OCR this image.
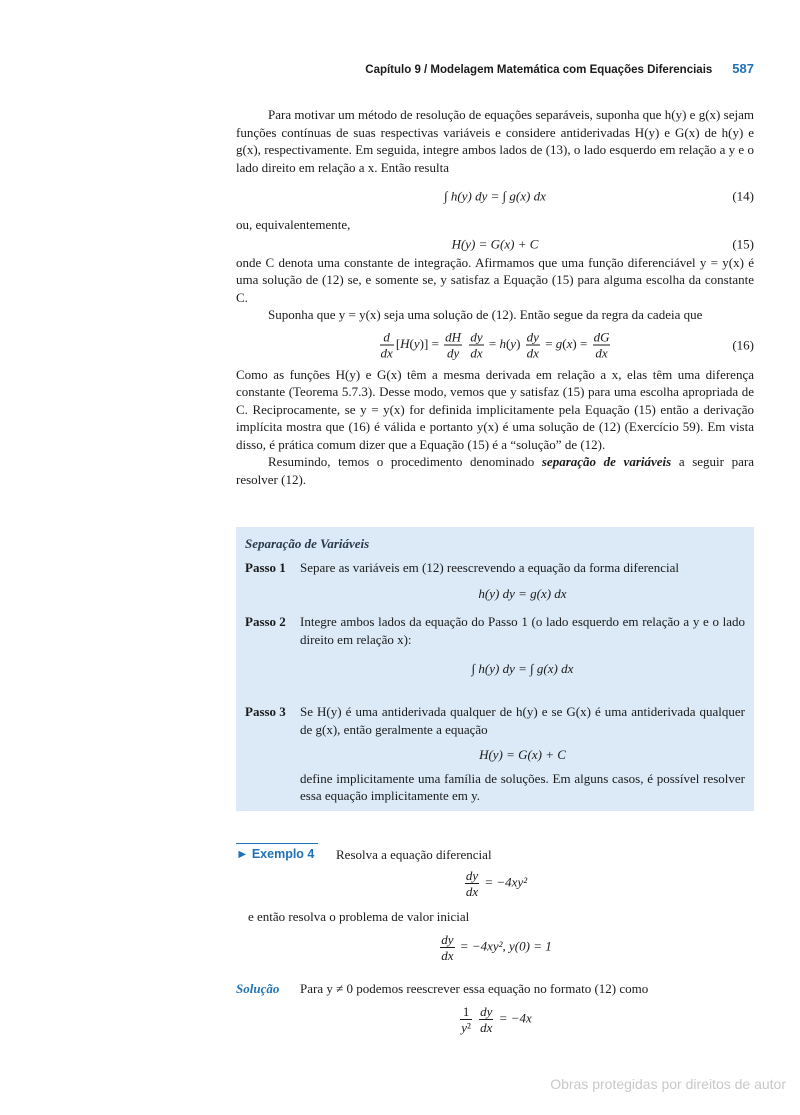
Capítulo 9 / Modelagem Matemática com Equações Diferenciais 587

Para motivar um método de resolução de equações separáveis, suponha que h(y) e g(x) sejam funções contínuas de suas respectivas variáveis e considere antiderivadas H(y) e G(x) de h(y) e g(x), respectivamente. Em seguida, integre ambos lados de (13), o lado esquerdo em relação a y e o lado direito em relação a x. Então resulta

∫ h(y) dy = ∫ g(x) dx	(14)

ou, equivalentemente,

H(y) = G(x) + C	(15)

onde C denota uma constante de integração. Afirmamos que uma função diferenciável y = y(x) é uma solução de (12) se, e somente se, y satisfaz a Equação (15) para alguma escolha da constante C.

Suponha que y = y(x) seja uma solução de (12). Então segue da regra da cadeia que

$\frac{d}{dx} [H(y)] = \frac{dH}{dy}$
$\frac{dy}{dx} = h(y) \frac{dy}{dx} = g(x) = \frac{dG}{dx}$	(16)

Como as funções H(y) e G(x) têm a mesma derivada em relação a x, elas têm uma diferença constante (Teorema 5.7.3). Desse modo, vemos que y satisfaz (15) para uma escolha apropriada de C. Reciprocamente, se y = y(x) for definida implicitamente pela Equação (15) então a derivação implícita mostra que (16) é válida e portanto y(x) é uma solução de (12) (Exercício 59). Em vista disso, é prática comum dizer que a Equação (15) é a “solução” de (12).

Resumindo, temos o procedimento denominado separação de variáveis a seguir para resolver (12).

Separação de Variáveis
Passo 1	Separe as variáveis em (12) reescrevendo a equação da forma diferencial
h(y) dy = g(x) dx
Passo 2	Integre ambos lados da equação do Passo 1 (o lado esquerdo em relação a y e o lado direito em relação x):
∫ h(y) dy = ∫ g(x) dx
Passo 3	Se H(y) é uma antiderivada qualquer de h(y) e se G(x) é uma antiderivada qualquer de g(x), então geralmente a equação
H(y) = G(x) + C
define implicitamente uma família de soluções. Em alguns casos, é possível resolver essa equação implicitamente em y.
► Exemplo 4 Resolva a equação diferencial
$\frac{dy}{dx} = -4xy^2$
e então resolva o problema de valor inicial
$\frac{dy}{dx} = -4xy^2$, y(0) = 1
Solução Para y ≠ 0 podemos reescrever essa equação no formato (12) como
$\frac{1}{\text{y²}}$
$\frac{dy}{dx} = -4x$
Obras protegidas por direitos de autor
